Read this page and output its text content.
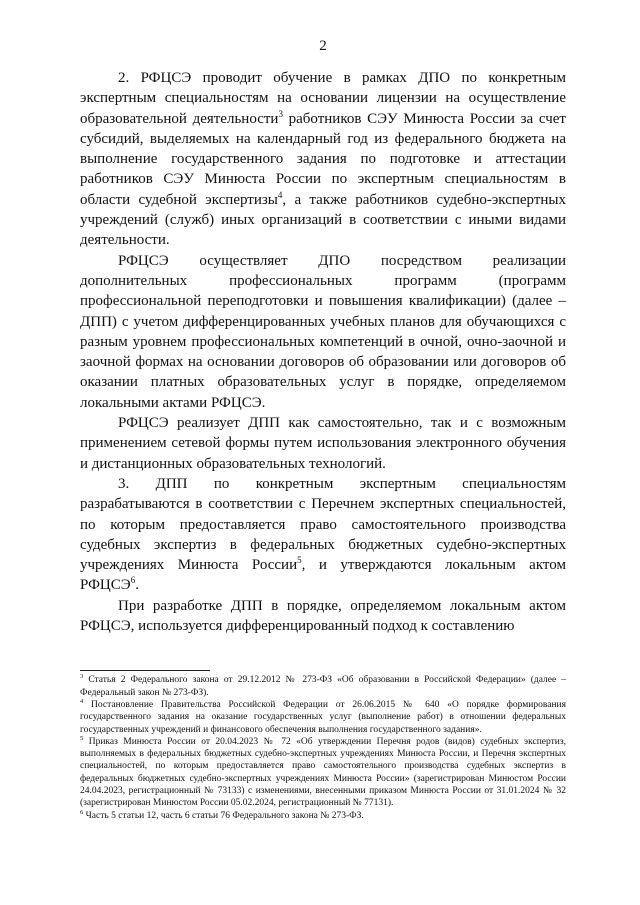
2

2. РФЦСЭ проводит обучение в рамках ДПО по конкретным экспертным специальностям на основании лицензии на осуществление образовательной деятельности$^3$ работников СЭУ Минюста России за счет субсидий, выделяемых на календарный год из федерального бюджета на выполнение государственного задания по подготовке и аттестации работников СЭУ Минюста России по экспертным специальностям в области судебной экспертизы$^4$, а также работников судебно-экспертных учреждений (служб) иных организаций в соответствии с иными видами деятельности.

РФЦСЭ осуществляет ДПО посредством реализации дополнительных профессиональных программ (программ профессиональной переподготовки и повышения квалификации) (далее – ДПП) с учетом дифференцированных учебных планов для обучающихся с разным уровнем профессиональных компетенций в очной, очно-заочной и заочной формах на основании договоров об образовании или договоров об оказании платных образовательных услуг в порядке, определяемом локальными актами РФЦСЭ.

РФЦСЭ реализует ДПП как самостоятельно, так и с возможным применением сетевой формы путем использования электронного обучения и дистанционных образовательных технологий.

3. ДПП по конкретным экспертным специальностям разрабатываются в соответствии с Перечнем экспертных специальностей, по которым предоставляется право самостоятельного производства судебных экспертиз в федеральных бюджетных судебно-экспертных учреждениях Минюста России$^5$, и утверждаются локальным актом РФЦСЭ$^6$.

При разработке ДПП в порядке, определяемом локальным актом РФЦСЭ, используется дифференцированный подход к составлению

$^3$ Статья 2 Федерального закона от 29.12.2012 № 273-ФЗ «Об образовании в Российской Федерации» (далее – Федеральный закон № 273-ФЗ).

$^4$ Постановление Правительства Российской Федерации от 26.06.2015 № 640 «О порядке формирования государственного задания на оказание государственных услуг (выполнение работ) в отношении федеральных государственных учреждений и финансового обеспечения выполнения государственного задания».

$^5$ Приказ Минюста России от 20.04.2023 № 72 «Об утверждении Перечня родов (видов) судебных экспертиз, выполняемых в федеральных бюджетных судебно-экспертных учреждениях Минюста России, и Перечня экспертных специальностей, по которым предоставляется право самостоятельного производства судебных экспертиз в федеральных бюджетных судебно-экспертных учреждениях Минюста России» (зарегистрирован Минюстом России 24.04.2023, регистрационный № 73133) с изменениями, внесенными приказом Минюста России от 31.01.2024 № 32 (зарегистрирован Минюстом России 05.02.2024, регистрационный № 77131).

$^6$ Часть 5 статьи 12, часть 6 статьи 76 Федерального закона № 273-ФЗ.
